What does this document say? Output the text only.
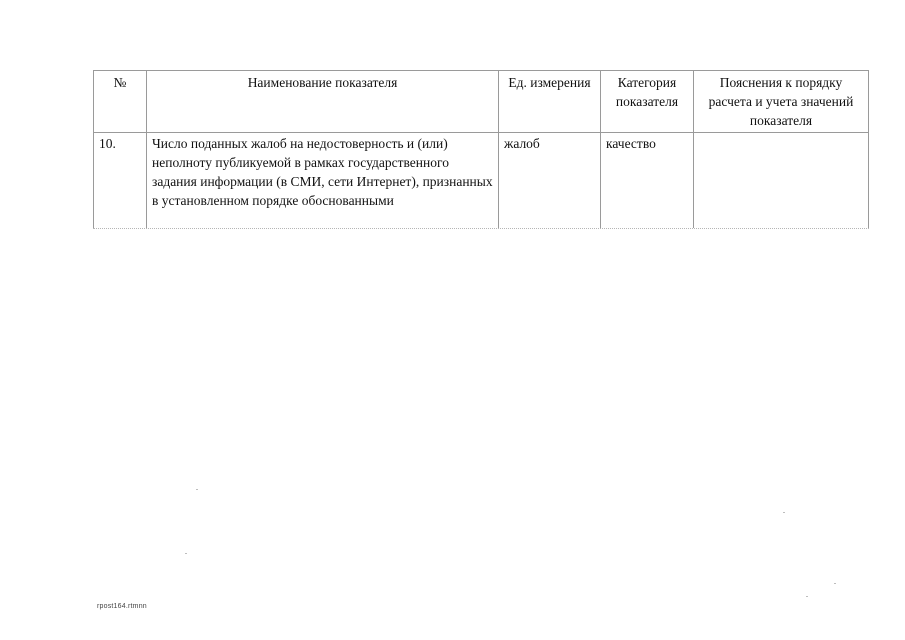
№	Наименование показателя	Ед. измерения	Категория показателя	Пояснения к порядку расчета и учета значений показателя
10.	Число поданных жалоб на недостоверность и (или) неполноту публикуемой в рамках государственного задания информации (в СМИ, сети Интернет), признанных в установленном порядке обоснованными	жалоб	качество	
rpost164.rtmnn
